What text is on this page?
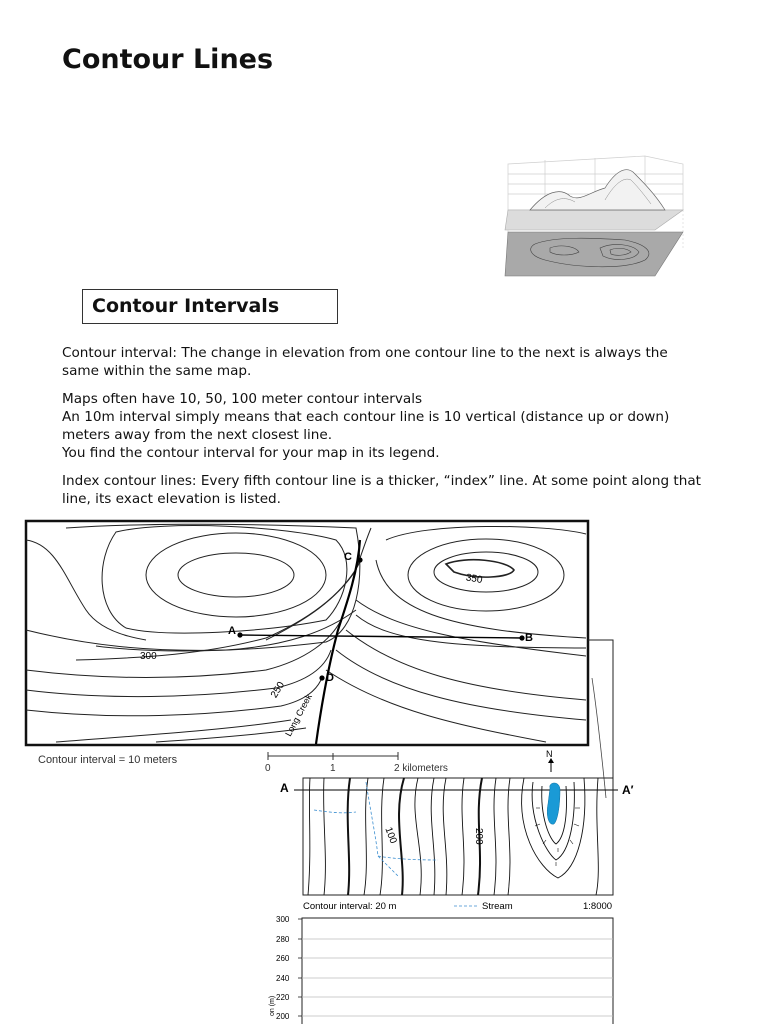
Contour Lines
Contour Intervals

Contour interval: The change in elevation from one contour line to the next is always the same within the same map.

Maps often have 10, 50, 100 meter contour intervals
An 10m interval simply means that each contour line is 10 vertical (distance up or down) meters away from the next closest line.
You find the contour interval for your map in its legend.

Index contour lines: Every fifth contour line is a thicker, “index” line. At some point along that line, its exact elevation is listed.

A
B
C
D
350
300
250
Long Creek
Contour interval = 10 meters
0	1	2 kilometers
N
A	A′
100	200
Contour interval: 20 m	Stream	1:8000
300
280
260
240
220
200
on (m)
